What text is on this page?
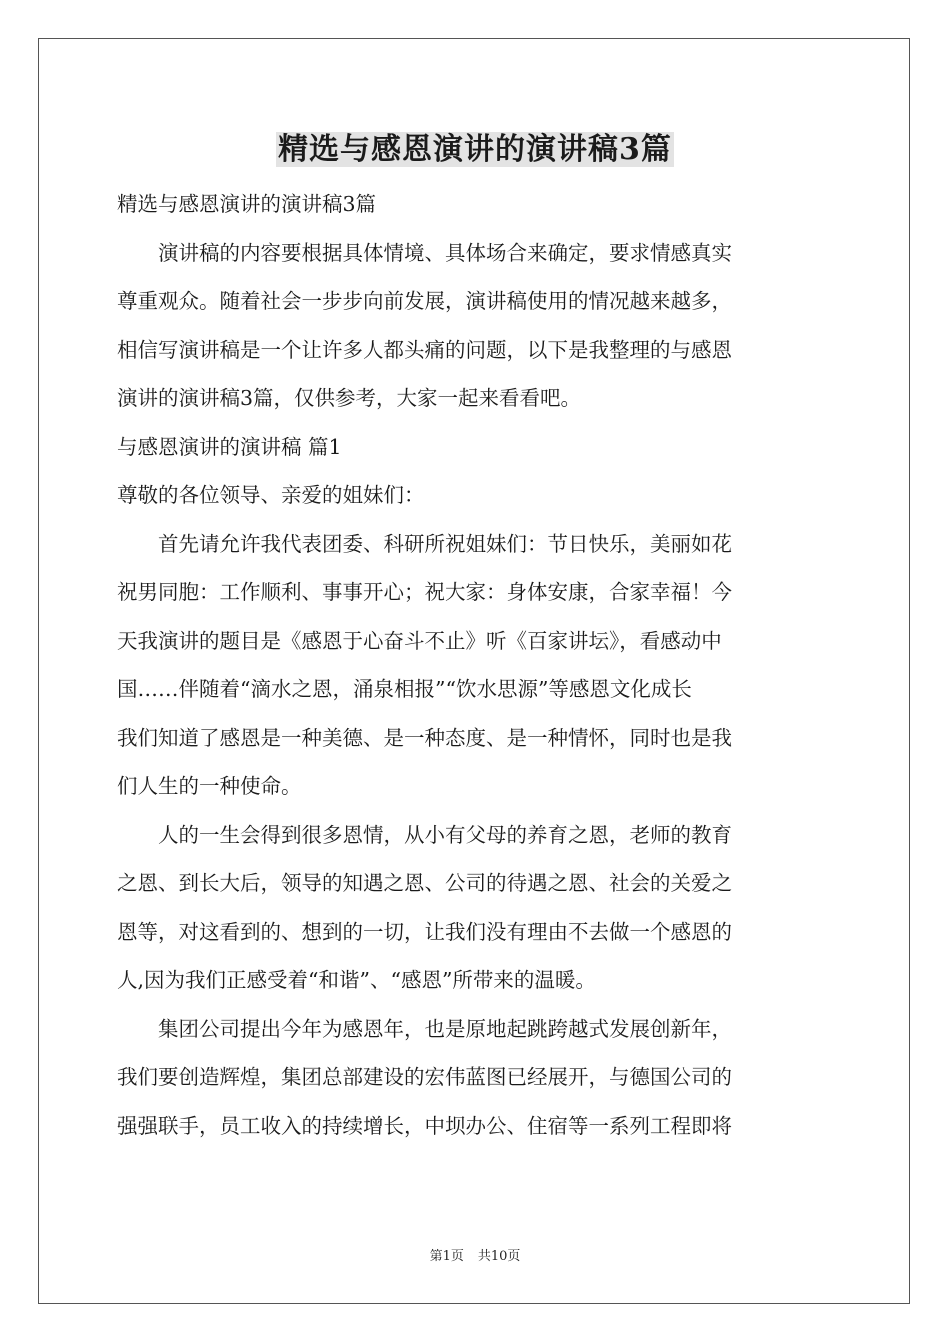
精选与感恩演讲的演讲稿3篇
精选与感恩演讲的演讲稿3篇
　　演讲稿的内容要根据具体情境、具体场合来确定，要求情感真实
尊重观众。随着社会一步步向前发展，演讲稿使用的情况越来越多，
相信写演讲稿是一个让许多人都头痛的问题，以下是我整理的与感恩
演讲的演讲稿3篇，仅供参考，大家一起来看看吧。
与感恩演讲的演讲稿 篇1
尊敬的各位领导、亲爱的姐妹们：
　　首先请允许我代表团委、科研所祝姐妹们：节日快乐，美丽如花
祝男同胞：工作顺利、事事开心；祝大家：身体安康，合家幸福！今
天我演讲的题目是《感恩于心奋斗不止》听《百家讲坛》，看感动中
国……伴随着“滴水之恩，涌泉相报”“饮水思源”等感恩文化成长
我们知道了感恩是一种美德、是一种态度、是一种情怀，同时也是我
们人生的一种使命。
　　人的一生会得到很多恩情，从小有父母的养育之恩，老师的教育
之恩、到长大后，领导的知遇之恩、公司的待遇之恩、社会的关爱之
恩等，对这看到的、想到的一切，让我们没有理由不去做一个感恩的
人,因为我们正感受着“和谐”、“感恩”所带来的温暖。
　　集团公司提出今年为感恩年，也是原地起跳跨越式发展创新年，
我们要创造辉煌，集团总部建设的宏伟蓝图已经展开，与德国公司的
强强联手，员工收入的持续增长，中坝办公、住宿等一系列工程即将
第1页 共10页
